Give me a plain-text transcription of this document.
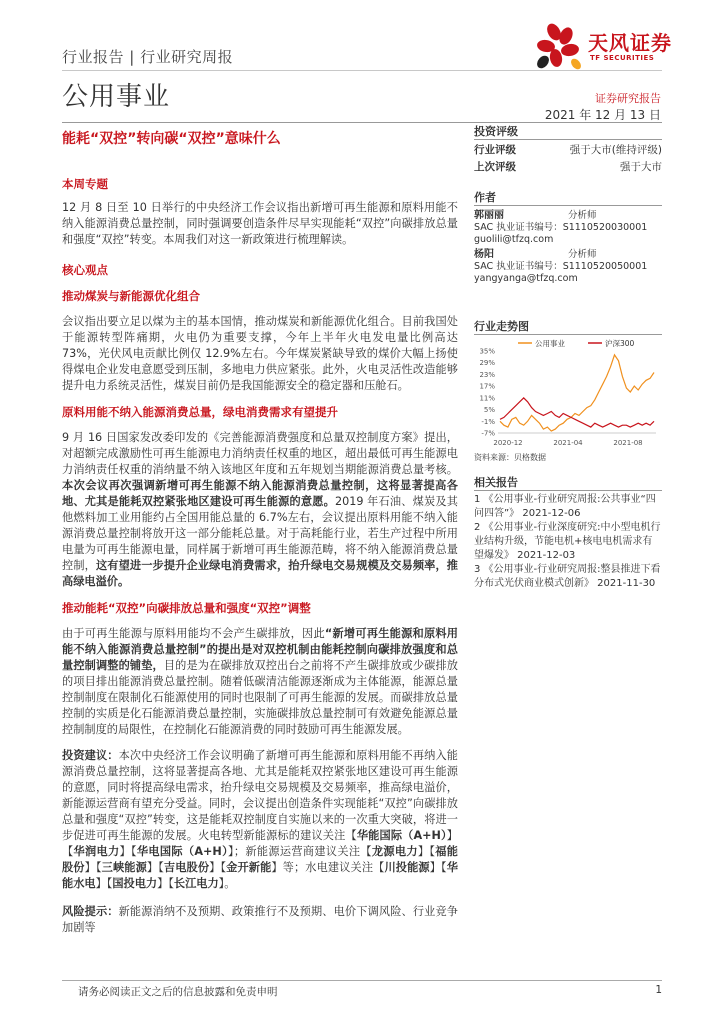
行业报告 | 行业研究周报
公用事业
天风证券
TF SECURITIES
证券研究报告
2021 年 12 月 13 日
能耗“双控”转向碳“双控”意味什么
本周专题

12 月 8 日至 10 日举行的中央经济工作会议指出新增可再生能源和原料用能不纳入能源消费总量控制，同时强调要创造条件尽早实现能耗“双控”向碳排放总量和强度“双控”转变。本周我们对这一新政策进行梳理解读。

核心观点
推动煤炭与新能源优化组合

会议指出要立足以煤为主的基本国情，推动煤炭和新能源优化组合。目前我国处于能源转型阵痛期，火电仍为重要支撑，今年上半年火电发电量比例高达 73%，光伏风电贡献比例仅 12.9%左右。今年煤炭紧缺导致的煤价大幅上扬使得煤电企业发电意愿受到压制，多地电力供应紧张。此外，火电灵活性改造能够提升电力系统灵活性，煤炭目前仍是我国能源安全的稳定器和压舱石。

原料用能不纳入能源消费总量，绿电消费需求有望提升

9 月 16 日国家发改委印发的《完善能源消费强度和总量双控制度方案》提出，对超额完成激励性可再生能源电力消纳责任权重的地区，超出最低可再生能源电力消纳责任权重的消纳量不纳入该地区年度和五年规划当期能源消费总量考核。本次会议再次强调新增可再生能源不纳入能源消费总量控制，这将显著提高各地、尤其是能耗双控紧张地区建设可再生能源的意愿。2019 年石油、煤炭及其他燃料加工业用能约占全国用能总量的 6.7%左右，会议提出原料用能不纳入能源消费总量控制将放开这一部分能耗总量。对于高耗能行业，若生产过程中所用电量为可再生能源电量，同样属于新增可再生能源范畴，将不纳入能源消费总量控制，这有望进一步提升企业绿电消费需求，抬升绿电交易规模及交易频率，推高绿电溢价。

推动能耗“双控”向碳排放总量和强度“双控”调整

由于可再生能源与原料用能均不会产生碳排放，因此“新增可再生能源和原料用能不纳入能源消费总量控制”的提出是对双控机制由能耗控制向碳排放强度和总量控制调整的铺垫，目的是为在碳排放双控出台之前将不产生碳排放或少碳排放的项目排出能源消费总量控制。随着低碳清洁能源逐渐成为主体能源，能源总量控制制度在限制化石能源使用的同时也限制了可再生能源的发展。而碳排放总量控制的实质是化石能源消费总量控制，实施碳排放总量控制可有效避免能源总量控制制度的局限性，在控制化石能源消费的同时鼓励可再生能源发展。

投资建议：本次中央经济工作会议明确了新增可再生能源和原料用能不再纳入能源消费总量控制，这将显著提高各地、尤其是能耗双控紧张地区建设可再生能源的意愿，同时将提高绿电需求，抬升绿电交易规模及交易频率，推高绿电溢价，新能源运营商有望充分受益。同时，会议提出创造条件实现能耗“双控”向碳排放总量和强度“双控”转变，这是能耗双控制度自实施以来的一次重大突破，将进一步促进可再生能源的发展。火电转型新能源标的建议关注【华能国际（A+H）】【华润电力】【华电国际（A+H）】；新能源运营商建议关注【龙源电力】【福能股份】【三峡能源】【吉电股份】【金开新能】等；水电建议关注【川投能源】【华能水电】【国投电力】【长江电力】。

风险提示：新能源消纳不及预期、政策推行不及预期、电价下调风险、行业竞争加剧等

投资评级
行业评级	强于大市(维持评级)
上次评级	强于大市
作者
郭丽丽	分析师
SAC 执业证书编号：S1110520030001
guolili@tfzq.com
杨阳	分析师
SAC 执业证书编号：S1110520050001
yangyanga@tfzq.com
行业走势图
公用事业	沪深300
35%
29%
23%
17%
11%
5%
-1%
-7%
2020-12	2021-04	2021-08
资料来源：贝格数据
相关报告
1 《公用事业-行业研究周报:公共事业“四问四答”》 2021-12-06
2 《公用事业-行业深度研究:中小型电机行业结构升级，节能电机+核电电机需求有望爆发》 2021-12-03
3 《公用事业-行业研究周报:整县推进下看分布式光伏商业模式创新》 2021-11-30
请务必阅读正文之后的信息披露和免责申明	1
